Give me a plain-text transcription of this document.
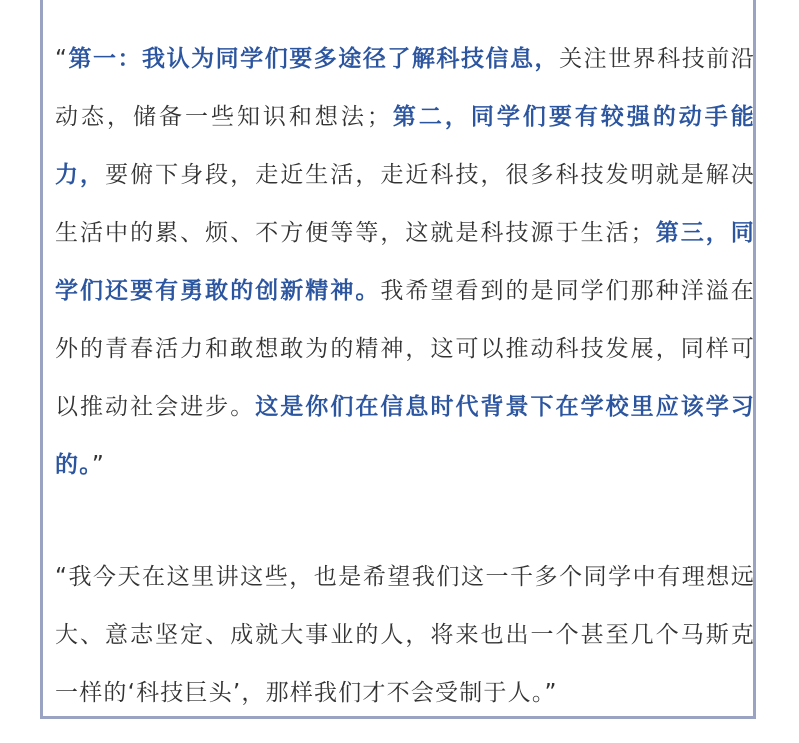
“第一：我认为同学们要多途径了解科技信息，关注世界科技前沿动态，储备一些知识和想法；第二，同学们要有较强的动手能力，要俯下身段，走近生活，走近科技，很多科技发明就是解决生活中的累、烦、不方便等等，这就是科技源于生活；第三，同学们还要有勇敢的创新精神。我希望看到的是同学们那种洋溢在外的青春活力和敢想敢为的精神，这可以推动科技发展，同样可以推动社会进步。这是你们在信息时代背景下在学校里应该学习的。”

“我今天在这里讲这些，也是希望我们这一千多个同学中有理想远大、意志坚定、成就大事业的人，将来也出一个甚至几个马斯克一样的‘科技巨头’，那样我们才不会受制于人。”
